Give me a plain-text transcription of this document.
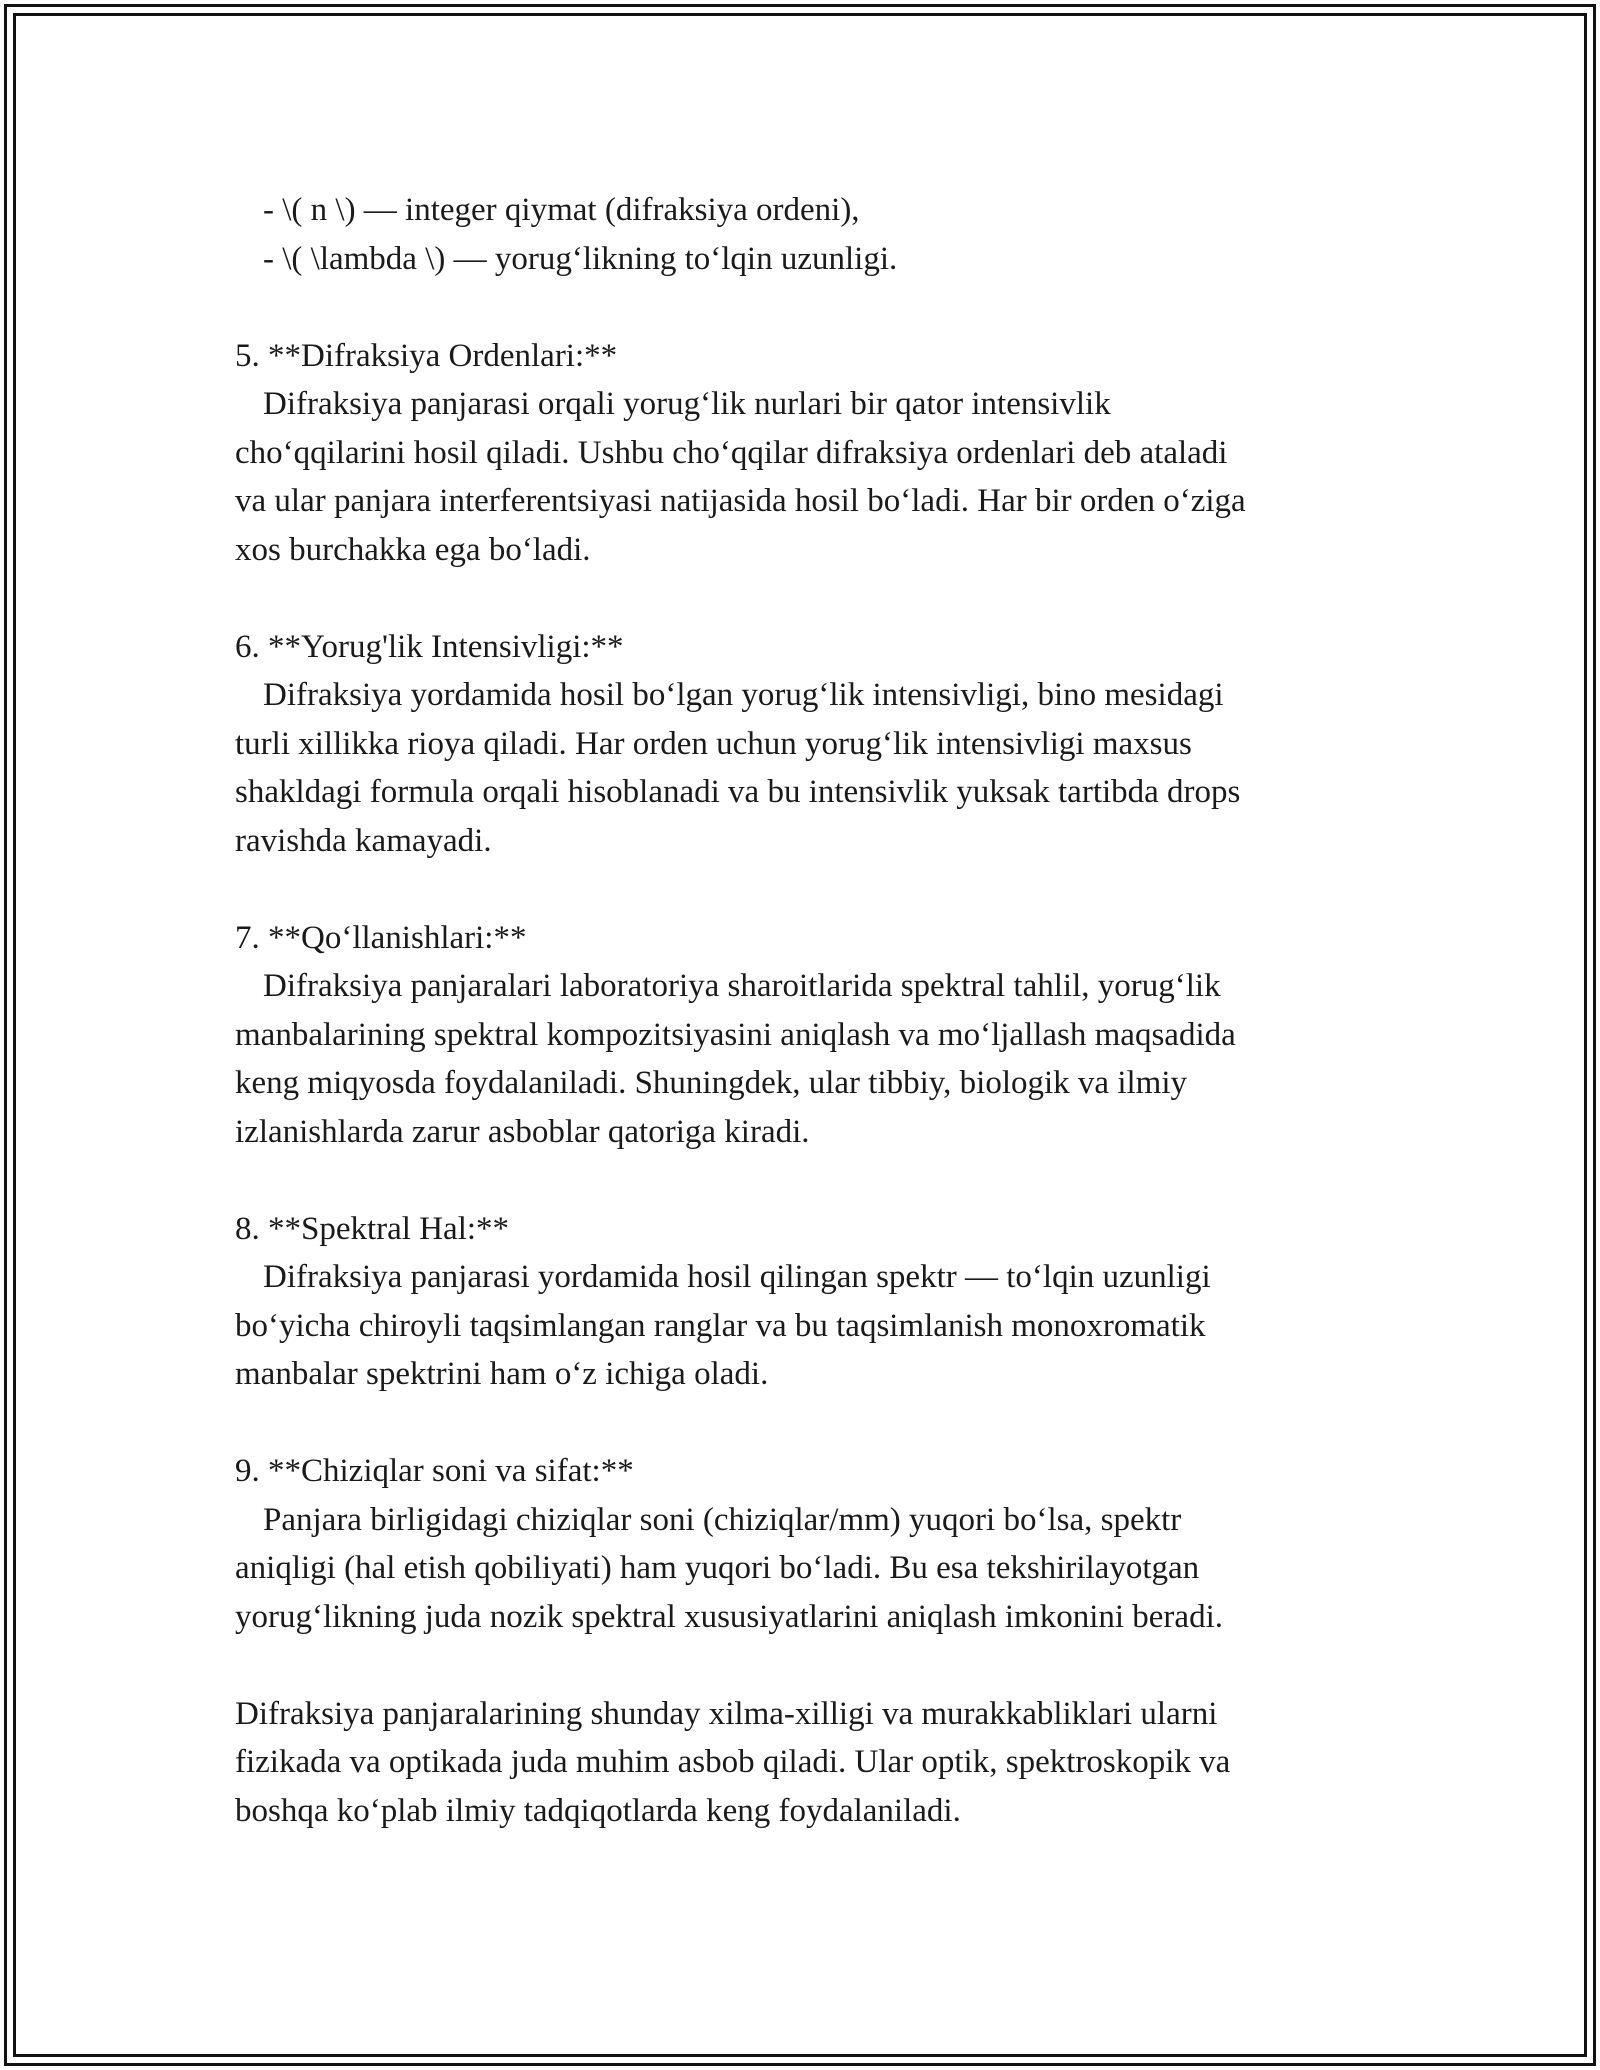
- \( n \) — integer qiymat (difraksiya ordeni),
- \( \lambda \) — yorug‘likning to‘lqin uzunligi.
5. **Difraksiya Ordenlari:**
Difraksiya panjarasi orqali yorug‘lik nurlari bir qator intensivlik
cho‘qqilarini hosil qiladi. Ushbu cho‘qqilar difraksiya ordenlari deb ataladi
va ular panjara interferentsiyasi natijasida hosil bo‘ladi. Har bir orden o‘ziga
xos burchakka ega bo‘ladi.
6. **Yorug'lik Intensivligi:**
Difraksiya yordamida hosil bo‘lgan yorug‘lik intensivligi, bino mesidagi
turli xillikka rioya qiladi. Har orden uchun yorug‘lik intensivligi maxsus
shakldagi formula orqali hisoblanadi va bu intensivlik yuksak tartibda drops
ravishda kamayadi.
7. **Qo‘llanishlari:**
Difraksiya panjaralari laboratoriya sharoitlarida spektral tahlil, yorug‘lik
manbalarining spektral kompozitsiyasini aniqlash va mo‘ljallash maqsadida
keng miqyosda foydalaniladi. Shuningdek, ular tibbiy, biologik va ilmiy
izlanishlarda zarur asboblar qatoriga kiradi.
8. **Spektral Hal:**
Difraksiya panjarasi yordamida hosil qilingan spektr — to‘lqin uzunligi
bo‘yicha chiroyli taqsimlangan ranglar va bu taqsimlanish monoxromatik
manbalar spektrini ham o‘z ichiga oladi.
9. **Chiziqlar soni va sifat:**
Panjara birligidagi chiziqlar soni (chiziqlar/mm) yuqori bo‘lsa, spektr
aniqligi (hal etish qobiliyati) ham yuqori bo‘ladi. Bu esa tekshirilayotgan
yorug‘likning juda nozik spektral xususiyatlarini aniqlash imkonini beradi.
Difraksiya panjaralarining shunday xilma-xilligi va murakkabliklari ularni
fizikada va optikada juda muhim asbob qiladi. Ular optik, spektroskopik va
boshqa ko‘plab ilmiy tadqiqotlarda keng foydalaniladi.
